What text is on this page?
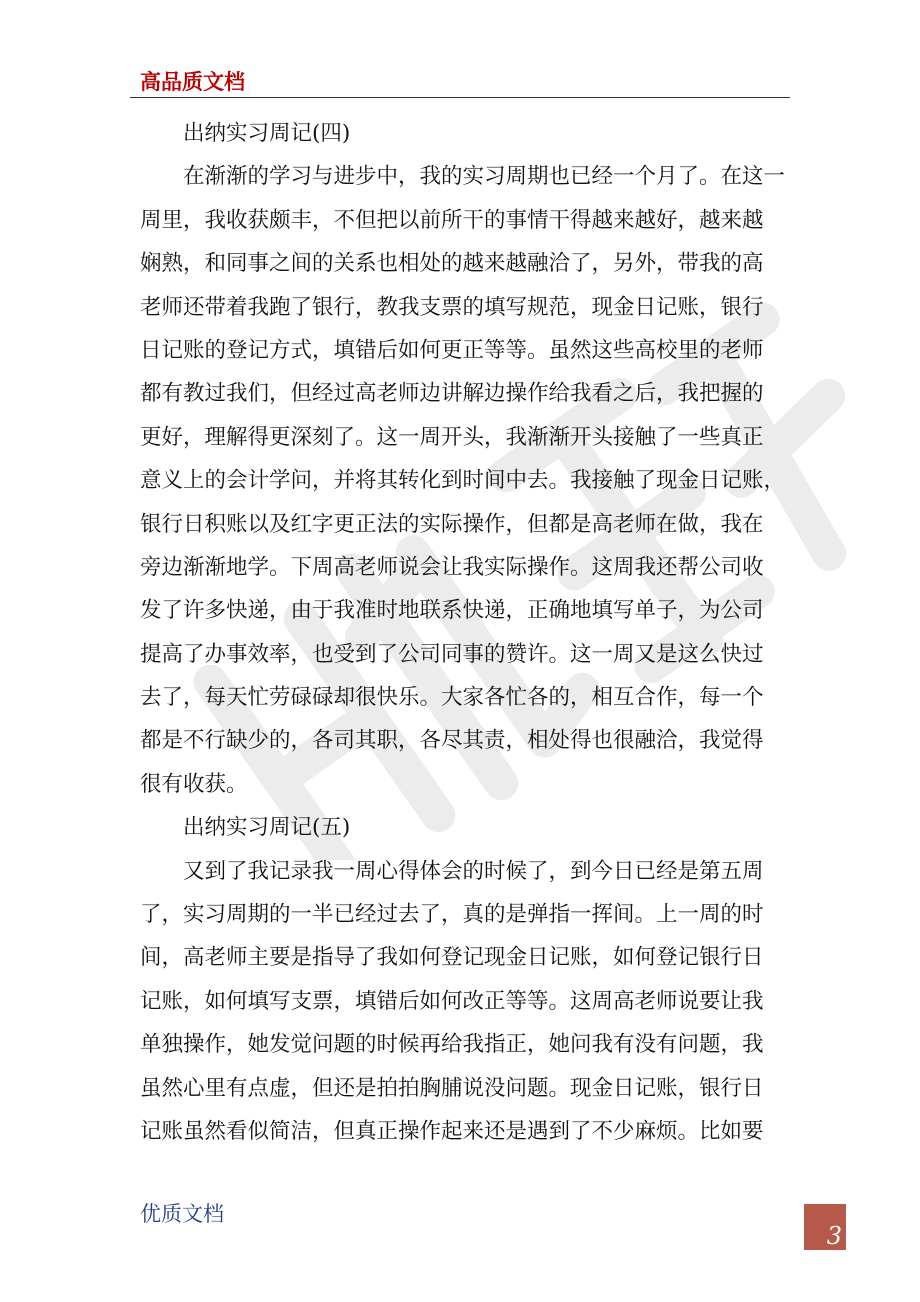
高品质文档
出纳实习周记(四)
在渐渐的学习与进步中，我的实习周期也已经一个月了。在这一
周里，我收获颇丰，不但把以前所干的事情干得越来越好，越来越
娴熟，和同事之间的关系也相处的越来越融洽了，另外，带我的高
老师还带着我跑了银行，教我支票的填写规范，现金日记账，银行
日记账的登记方式，填错后如何更正等等。虽然这些高校里的老师
都有教过我们，但经过高老师边讲解边操作给我看之后，我把握的
更好，理解得更深刻了。这一周开头，我渐渐开头接触了一些真正
意义上的会计学问，并将其转化到时间中去。我接触了现金日记账，
银行日积账以及红字更正法的实际操作，但都是高老师在做，我在
旁边渐渐地学。下周高老师说会让我实际操作。这周我还帮公司收
发了许多快递，由于我准时地联系快递，正确地填写单子，为公司
提高了办事效率，也受到了公司同事的赞许。这一周又是这么快过
去了，每天忙劳碌碌却很快乐。大家各忙各的，相互合作，每一个
都是不行缺少的，各司其职，各尽其责，相处得也很融洽，我觉得
很有收获。
出纳实习周记(五)
又到了我记录我一周心得体会的时候了，到今日已经是第五周
了，实习周期的一半已经过去了，真的是弹指一挥间。上一周的时
间，高老师主要是指导了我如何登记现金日记账，如何登记银行日
记账，如何填写支票，填错后如何改正等等。这周高老师说要让我
单独操作，她发觉问题的时候再给我指正，她问我有没有问题，我
虽然心里有点虚，但还是拍拍胸脯说没问题。现金日记账，银行日
记账虽然看似简洁，但真正操作起来还是遇到了不少麻烦。比如要
优质文档
3
